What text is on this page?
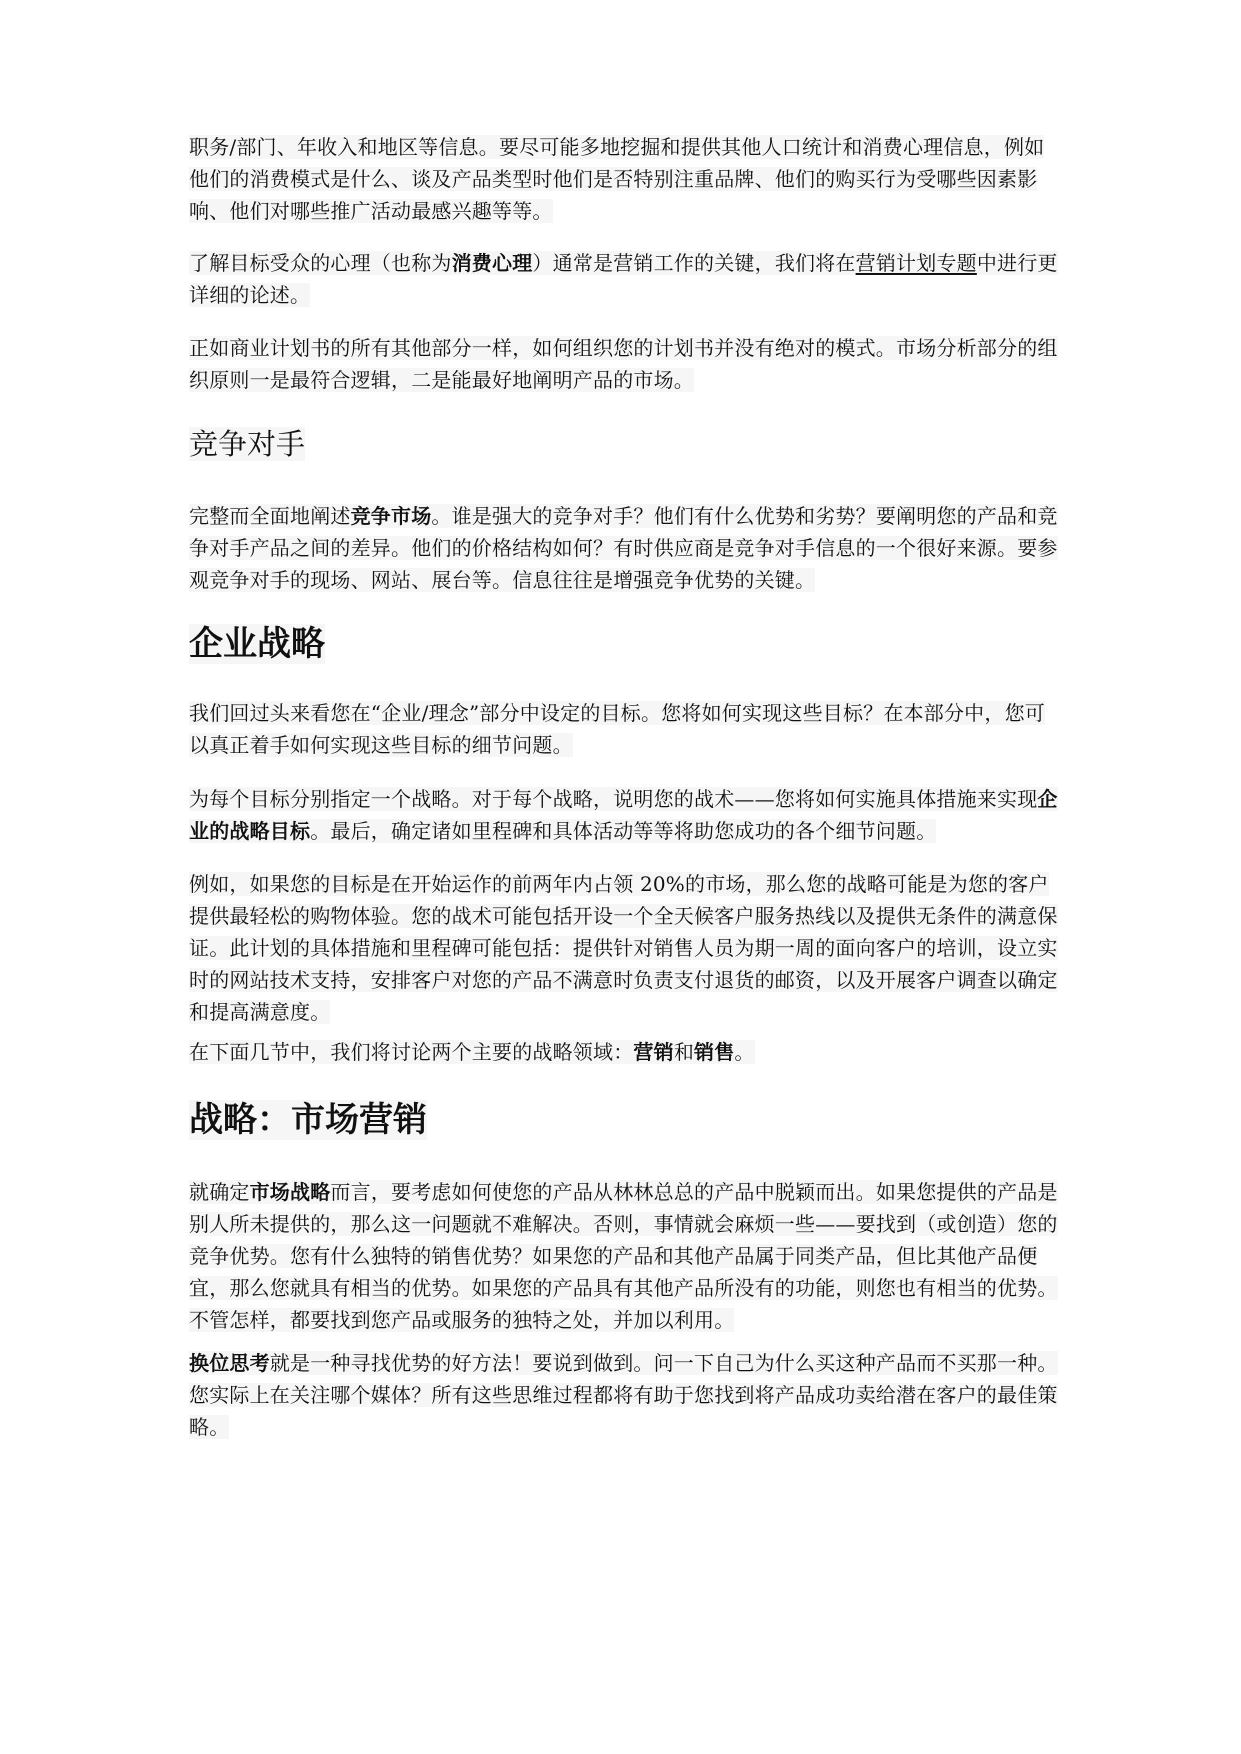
职务/部门、年收入和地区等信息。要尽可能多地挖掘和提供其他人口统计和消费心理信息，例如他们的消费模式是什么、谈及产品类型时他们是否特别注重品牌、他们的购买行为受哪些因素影响、他们对哪些推广活动最感兴趣等等。

了解目标受众的心理（也称为消费心理）通常是营销工作的关键，我们将在营销计划专题中进行更详细的论述。

正如商业计划书的所有其他部分一样，如何组织您的计划书并没有绝对的模式。市场分析部分的组织原则一是最符合逻辑，二是能最好地阐明产品的市场。

竞争对手

完整而全面地阐述竞争市场。谁是强大的竞争对手？他们有什么优势和劣势？要阐明您的产品和竞争对手产品之间的差异。他们的价格结构如何？有时供应商是竞争对手信息的一个很好来源。要参观竞争对手的现场、网站、展台等。信息往往是增强竞争优势的关键。

企业战略

我们回过头来看您在“企业/理念”部分中设定的目标。您将如何实现这些目标？在本部分中，您可以真正着手如何实现这些目标的细节问题。

为每个目标分别指定一个战略。对于每个战略，说明您的战术——您将如何实施具体措施来实现企业的战略目标。最后，确定诸如里程碑和具体活动等等将助您成功的各个细节问题。

例如，如果您的目标是在开始运作的前两年内占领 20%的市场，那么您的战略可能是为您的客户提供最轻松的购物体验。您的战术可能包括开设一个全天候客户服务热线以及提供无条件的满意保证。此计划的具体措施和里程碑可能包括：提供针对销售人员为期一周的面向客户的培训，设立实时的网站技术支持，安排客户对您的产品不满意时负责支付退货的邮资，以及开展客户调查以确定和提高满意度。

在下面几节中，我们将讨论两个主要的战略领域：营销和销售。

战略：市场营销

就确定市场战略而言，要考虑如何使您的产品从林林总总的产品中脱颖而出。如果您提供的产品是别人所未提供的，那么这一问题就不难解决。否则，事情就会麻烦一些——要找到（或创造）您的竞争优势。您有什么独特的销售优势？如果您的产品和其他产品属于同类产品，但比其他产品便宜，那么您就具有相当的优势。如果您的产品具有其他产品所没有的功能，则您也有相当的优势。不管怎样，都要找到您产品或服务的独特之处，并加以利用。

换位思考就是一种寻找优势的好方法！要说到做到。问一下自己为什么买这种产品而不买那一种。您实际上在关注哪个媒体？所有这些思维过程都将有助于您找到将产品成功卖给潜在客户的最佳策略。
